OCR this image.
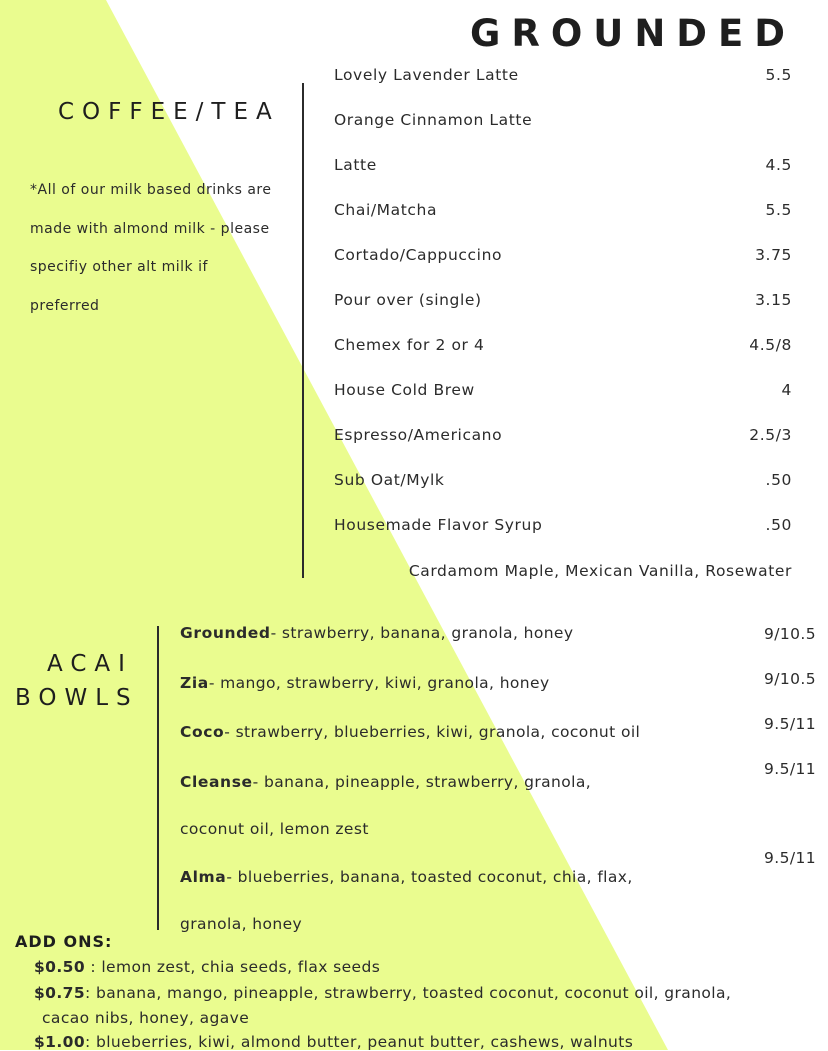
GROUNDED
COFFEE/TEA
*All of our milk based drinks are
made with almond milk - please
specifiy other alt milk if
preferred
Lovely Lavender Latte	5.5
Orange Cinnamon Latte
Latte	4.5
Chai/Matcha	5.5
Cortado/Cappuccino	3.75
Pour over (single)	3.15
Chemex for 2 or 4	4.5/8
House Cold Brew	4
Espresso/Americano	2.5/3
Sub Oat/Mylk	.50
Housemade Flavor Syrup	.50
Cardamom Maple, Mexican Vanilla, Rosewater
ACAI
BOWLS
Grounded- strawberry, banana, granola, honey	9/10.5
Zia- mango, strawberry, kiwi, granola, honey	9/10.5
Coco- strawberry, blueberries, kiwi, granola, coconut oil	9.5/11
Cleanse- banana, pineapple, strawberry, granola,
coconut oil, lemon zest
9.5/11
Alma- blueberries, banana, toasted coconut, chia, flax,
granola, honey
9.5/11
ADD ONS:
$0.50 : lemon zest, chia seeds, flax seeds
$0.75: banana, mango, pineapple, strawberry, toasted coconut, coconut oil, granola,
cacao nibs, honey, agave
$1.00: blueberries, kiwi, almond butter, peanut butter, cashews, walnuts
